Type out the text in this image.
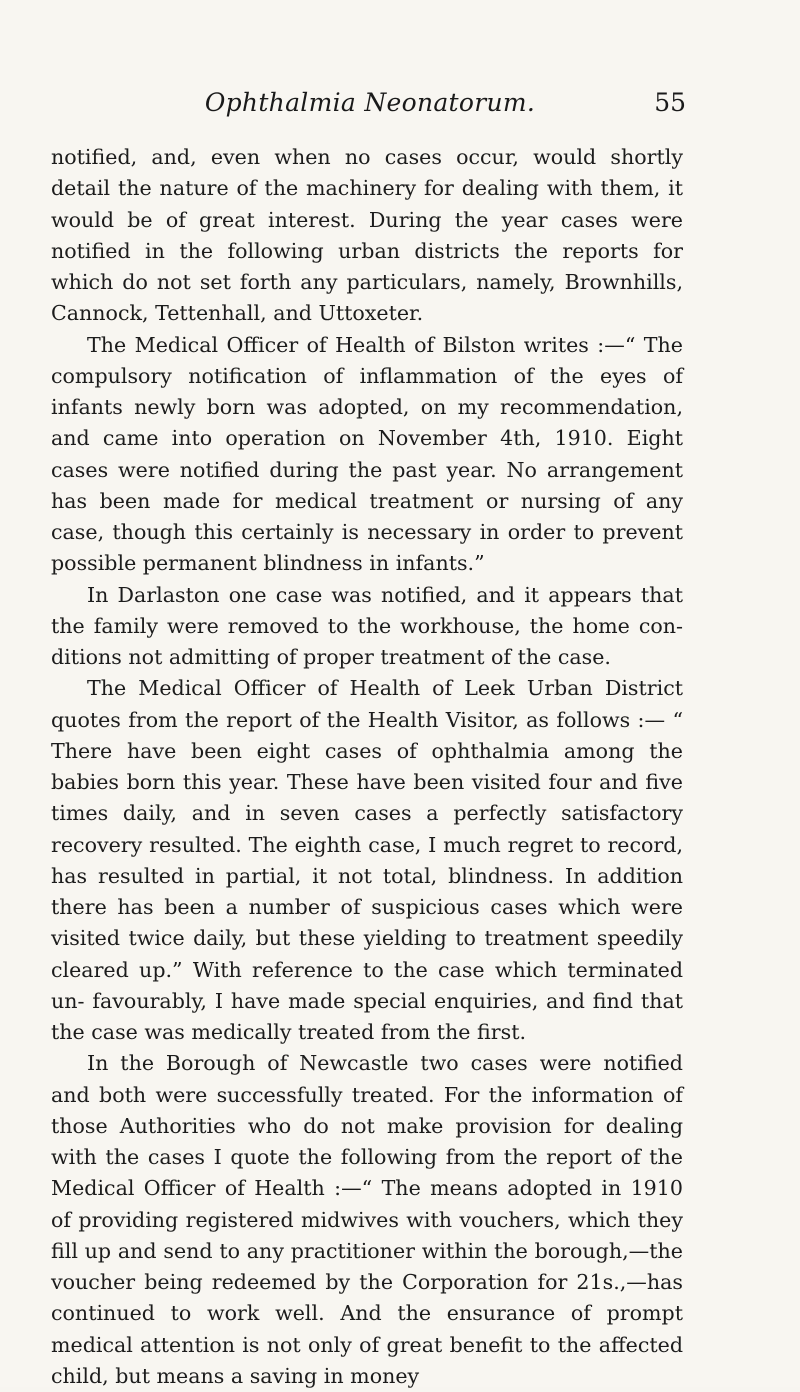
Ophthalmia Neonatorum.	55

notified, and, even when no cases occur, would shortly detail the nature of the machinery for dealing with them, it would be of great interest. During the year cases were notified in the following urban districts the reports for which do not set forth any particulars, namely, Brownhills, Cannock, Tettenhall, and Uttoxeter.

The Medical Officer of Health of Bilston writes :—“ The compulsory notification of inflammation of the eyes of infants newly born was adopted, on my recommendation, and came into operation on November 4th, 1910. Eight cases were notified during the past year. No arrangement has been made for medical treatment or nursing of any case, though this certainly is necessary in order to prevent possible permanent blindness in infants.”

In Darlaston one case was notified, and it appears that the family were removed to the workhouse, the home con- ditions not admitting of proper treatment of the case.

The Medical Officer of Health of Leek Urban District quotes from the report of the Health Visitor, as follows :— “ There have been eight cases of ophthalmia among the babies born this year. These have been visited four and five times daily, and in seven cases a perfectly satisfactory recovery resulted. The eighth case, I much regret to record, has resulted in partial, it not total, blindness. In addition there has been a number of suspicious cases which were visited twice daily, but these yielding to treatment speedily cleared up.” With reference to the case which terminated un- favourably, I have made special enquiries, and find that the case was medically treated from the first.

In the Borough of Newcastle two cases were notified and both were successfully treated. For the information of those Authorities who do not make provision for dealing with the cases I quote the following from the report of the Medical Officer of Health :—“ The means adopted in 1910 of providing registered midwives with vouchers, which they fill up and send to any practitioner within the borough,—the voucher being redeemed by the Corporation for 21s.,—has continued to work well. And the ensurance of prompt medical attention is not only of great benefit to the affected child, but means a saving in money
